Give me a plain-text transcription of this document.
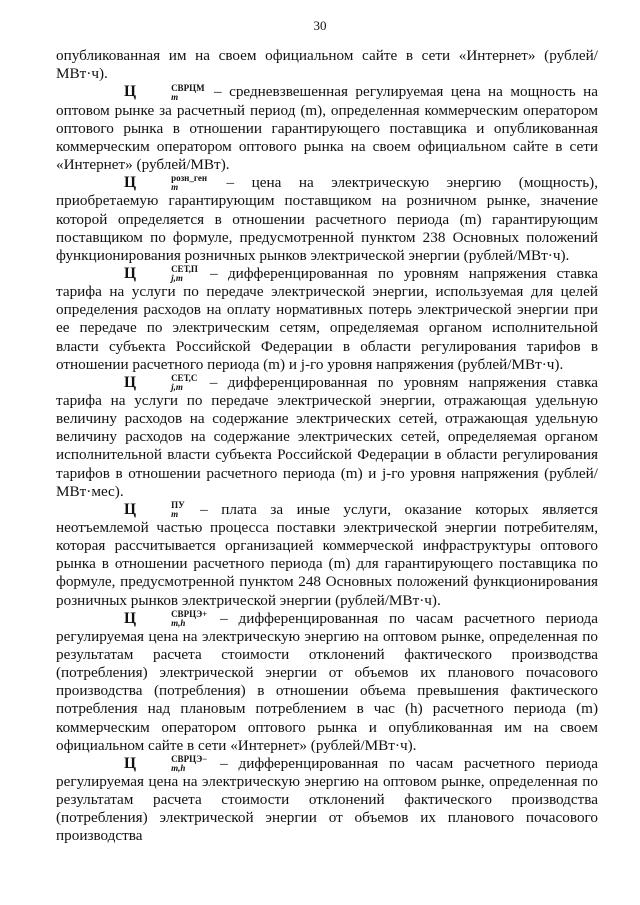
30

опубликованная им на своем официальном сайте в сети «Интернет» (рублей/МВт·ч).

Ц	СВРЦМ
m	– средневзвешенная регулируемая цена на мощность на оптовом рынке за расчетный период (m), определенная коммерческим оператором оптового рынка в отношении гарантирующего поставщика и опубликованная коммерческим оператором оптового рынка на своем официальном сайте в сети «Интернет» (рублей/МВт).

Ц	розн_ген
m	– цена на электрическую энергию (мощность), приобретаемую гарантирующим поставщиком на розничном рынке, значение которой определяется в отношении расчетного периода (m) гарантирующим поставщиком по формуле, предусмотренной пунктом 238 Основных положений функционирования розничных рынков электрической энергии (рублей/МВт·ч).

Ц	СЕТ,П
j,m	– дифференцированная по уровням напряжения ставка тарифа на услуги по передаче электрической энергии, используемая для целей определения расходов на оплату нормативных потерь электрической энергии при ее передаче по электрическим сетям, определяемая органом исполнительной власти субъекта Российской Федерации в области регулирования тарифов в отношении расчетного периода (m) и j-го уровня напряжения (рублей/МВт·ч).

Ц	СЕТ,С
j,m	– дифференцированная по уровням напряжения ставка тарифа на услуги по передаче электрической энергии, отражающая удельную величину расходов на содержание электрических сетей, отражающая удельную величину расходов на содержание электрических сетей, определяемая органом исполнительной власти субъекта Российской Федерации в области регулирования тарифов в отношении расчетного периода (m) и j-го уровня напряжения (рублей/МВт·мес).

Ц	ПУ
m – плата за иные услуги, оказание которых является неотъемлемой частью процесса поставки электрической энергии потребителям, которая рассчитывается организацией коммерческой инфраструктуры оптового рынка в отношении расчетного периода (m) для гарантирующего поставщика по формуле, предусмотренной пунктом 248 Основных положений функционирования розничных рынков электрической энергии (рублей/МВт·ч).

Ц	СВРЦЭ+
m,h	– дифференцированная по часам расчетного периода регулируемая цена на электрическую энергию на оптовом рынке, определенная по результатам расчета стоимости отклонений фактического производства (потребления) электрической энергии от объемов их планового почасового производства (потребления) в отношении объема превышения фактического потребления над плановым потреблением в час (h) расчетного периода (m) коммерческим оператором оптового рынка и опубликованная им на своем официальном сайте в сети «Интернет» (рублей/МВт·ч).

Ц	СВРЦЭ−
m,h	– дифференцированная по часам расчетного периода регулируемая цена на электрическую энергию на оптовом рынке, определенная по результатам расчета стоимости отклонений фактического производства (потребления) электрической энергии от объемов их планового почасового производства
